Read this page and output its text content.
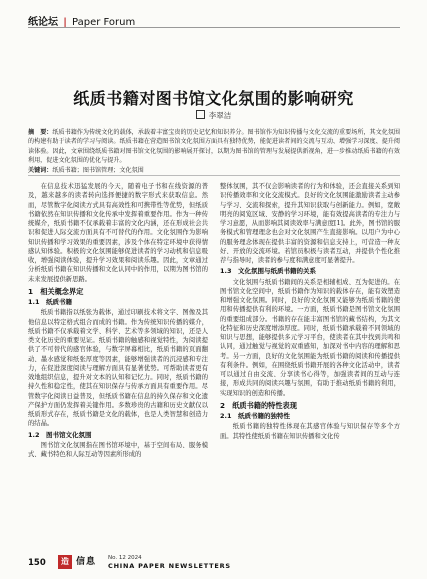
纸论坛 | Paper Forum
纸质书籍对图书馆文化氛围的影响研究
李翠洁
摘　要：纸质书籍作为传统文化的载体，承载着丰富宝贵的历史记忆和知识养分。图书馆作为知识传播与文化交流的重要场所，其文化氛围的构建有助于读者的学习与阅读。纸质书籍在营造图书馆文化氛围方面具有独特优势，能促进读者间的交流与互动、增强学习深度、提升阅读体验。因此，文章围绕纸质书籍对图书馆文化氛围的影响展开探讨，以期为图书馆的管理与发展提供新视角，进一步推动纸质书籍的有效利用，促进文化氛围的优化与提升。
关键词：纸质书籍；图书馆管理；文化氛围

在信息技术迅猛发展的今天，随着电子书和在线资源的普及，越来越多的读者转向选择便捷的数字形式来获取信息。然而，尽管数字化阅读方式具有高效性和可携带性等优势，但纸质书籍依然在知识传播和文化传承中发挥着重要作用。作为一种传统媒介，纸质书籍不仅承载着丰富的文化内涵，还在形成社会共识和促进人际交流方面具有不可替代的作用。文化氛围作为影响知识传播和学习效果的重要因素，涉及个体在特定环境中获得情感认知体验。积极的文化氛围能够促进读者的学习动机和信息吸收，增强阅读体验，提升学习效果和阅读乐趣。因此，文章通过分析纸质书籍在知识传播和文化认同中的作用，以期为图书馆的未来发展提供新思路。

1　相关概念界定
1.1　纸质书籍

纸质书籍指以纸张为载体，通过印刷技术将文字、图像及其他信息以特定格式组合而成的书籍。作为传统知识传播的媒介，纸质书籍不仅承载着文学、科学、艺术等多领域的知识，还是人类文化历史的重要见证。纸质书籍的触感和视觉特性，为阅读提供了不可替代的感官体验，与数字屏幕相比，纸质书籍的页面翻动、墨水感觉和纸张厚度等因素，能够增强读者的沉浸感和专注力，在促进深度阅读与理解方面具有显著优势。可帮助读者更有效地组织信息，提升对文本的认知和记忆力。同时，纸质书籍的持久性和稳定性，使其在知识保存与传承方面具有重要作用。尽管数字化阅读日益普及，但纸质书籍在信息的持久保存和文化遗产保护方面仍发挥着关键作用。多数珍贵的古籍和历史文献仅以纸质形式存在，纸质书籍是文化的载体，也是人类智慧和创造力的结晶。

1.2　图书馆文化氛围

图书馆文化氛围指在图书馆环境中，基于空间布局、服务模式、藏书特色和人际互动等因素所形成的

整体氛围，其不仅会影响读者的行为和体验，还会直接关系到知识传播效率和文化交流模式。良好的文化氛围能激励读者主动参与学习、交流和探索，提升其知识获取与创新能力。例如，宽敞明亮的阅览区域、安静的学习环境，能有效提高读者的专注力与学习意愿，从而影响其阅读效率与满意度[1]。此外，图书馆的服务模式和管理理念也会对文化氛围产生直接影响。以用户为中心的服务理念体现在提供丰富的资源和信息支持上，可营造一种友好、开放的交流环境。若馆员积极与读者互动，并提供个性化推荐与指导时，读者的参与度和满意度可显著提升。

1.3　文化氛围与纸质书籍的关系

文化氛围与纸质书籍间的关系是相辅相成、互为促进的。在图书馆文化空间中，纸质书籍作为知识的载体存在，能有效塑造和增强文化氛围。同时，良好的文化氛围又能够为纸质书籍的使用和传播提供有利的环境。一方面，纸质书籍是图书馆文化氛围的重要组成部分。书籍的存在能丰富图书馆的藏书结构，为其文化特征和历史深度增添厚度。同时，纸质书籍承载着不同领域的知识与思想，能够提供多元学习平台，使读者在其中找到共鸣和认同，通过触觉与视觉的双重感知，加深对书中内容的理解和思考。另一方面，良好的文化氛围能为纸质书籍的阅读和传播提供有利条件。例如，在围绕纸质书籍开展的各种文化活动中，读者可以通过自由交流、分享读书心得等，加强读者间的互动与连接，形成共同的阅读兴趣与氛围，有助于推动纸质书籍的利用，实现知识的创造和传播。

2　纸质书籍的特性表现
2.1　纸质书籍的独特性

纸质书籍的独特性体现在其感官体验与知识保存等多个方面。其特性使纸质书籍在知识传播和文化传

150	造 信息 No. 12 2024
CHINA PAPER NEWSLETTERS
